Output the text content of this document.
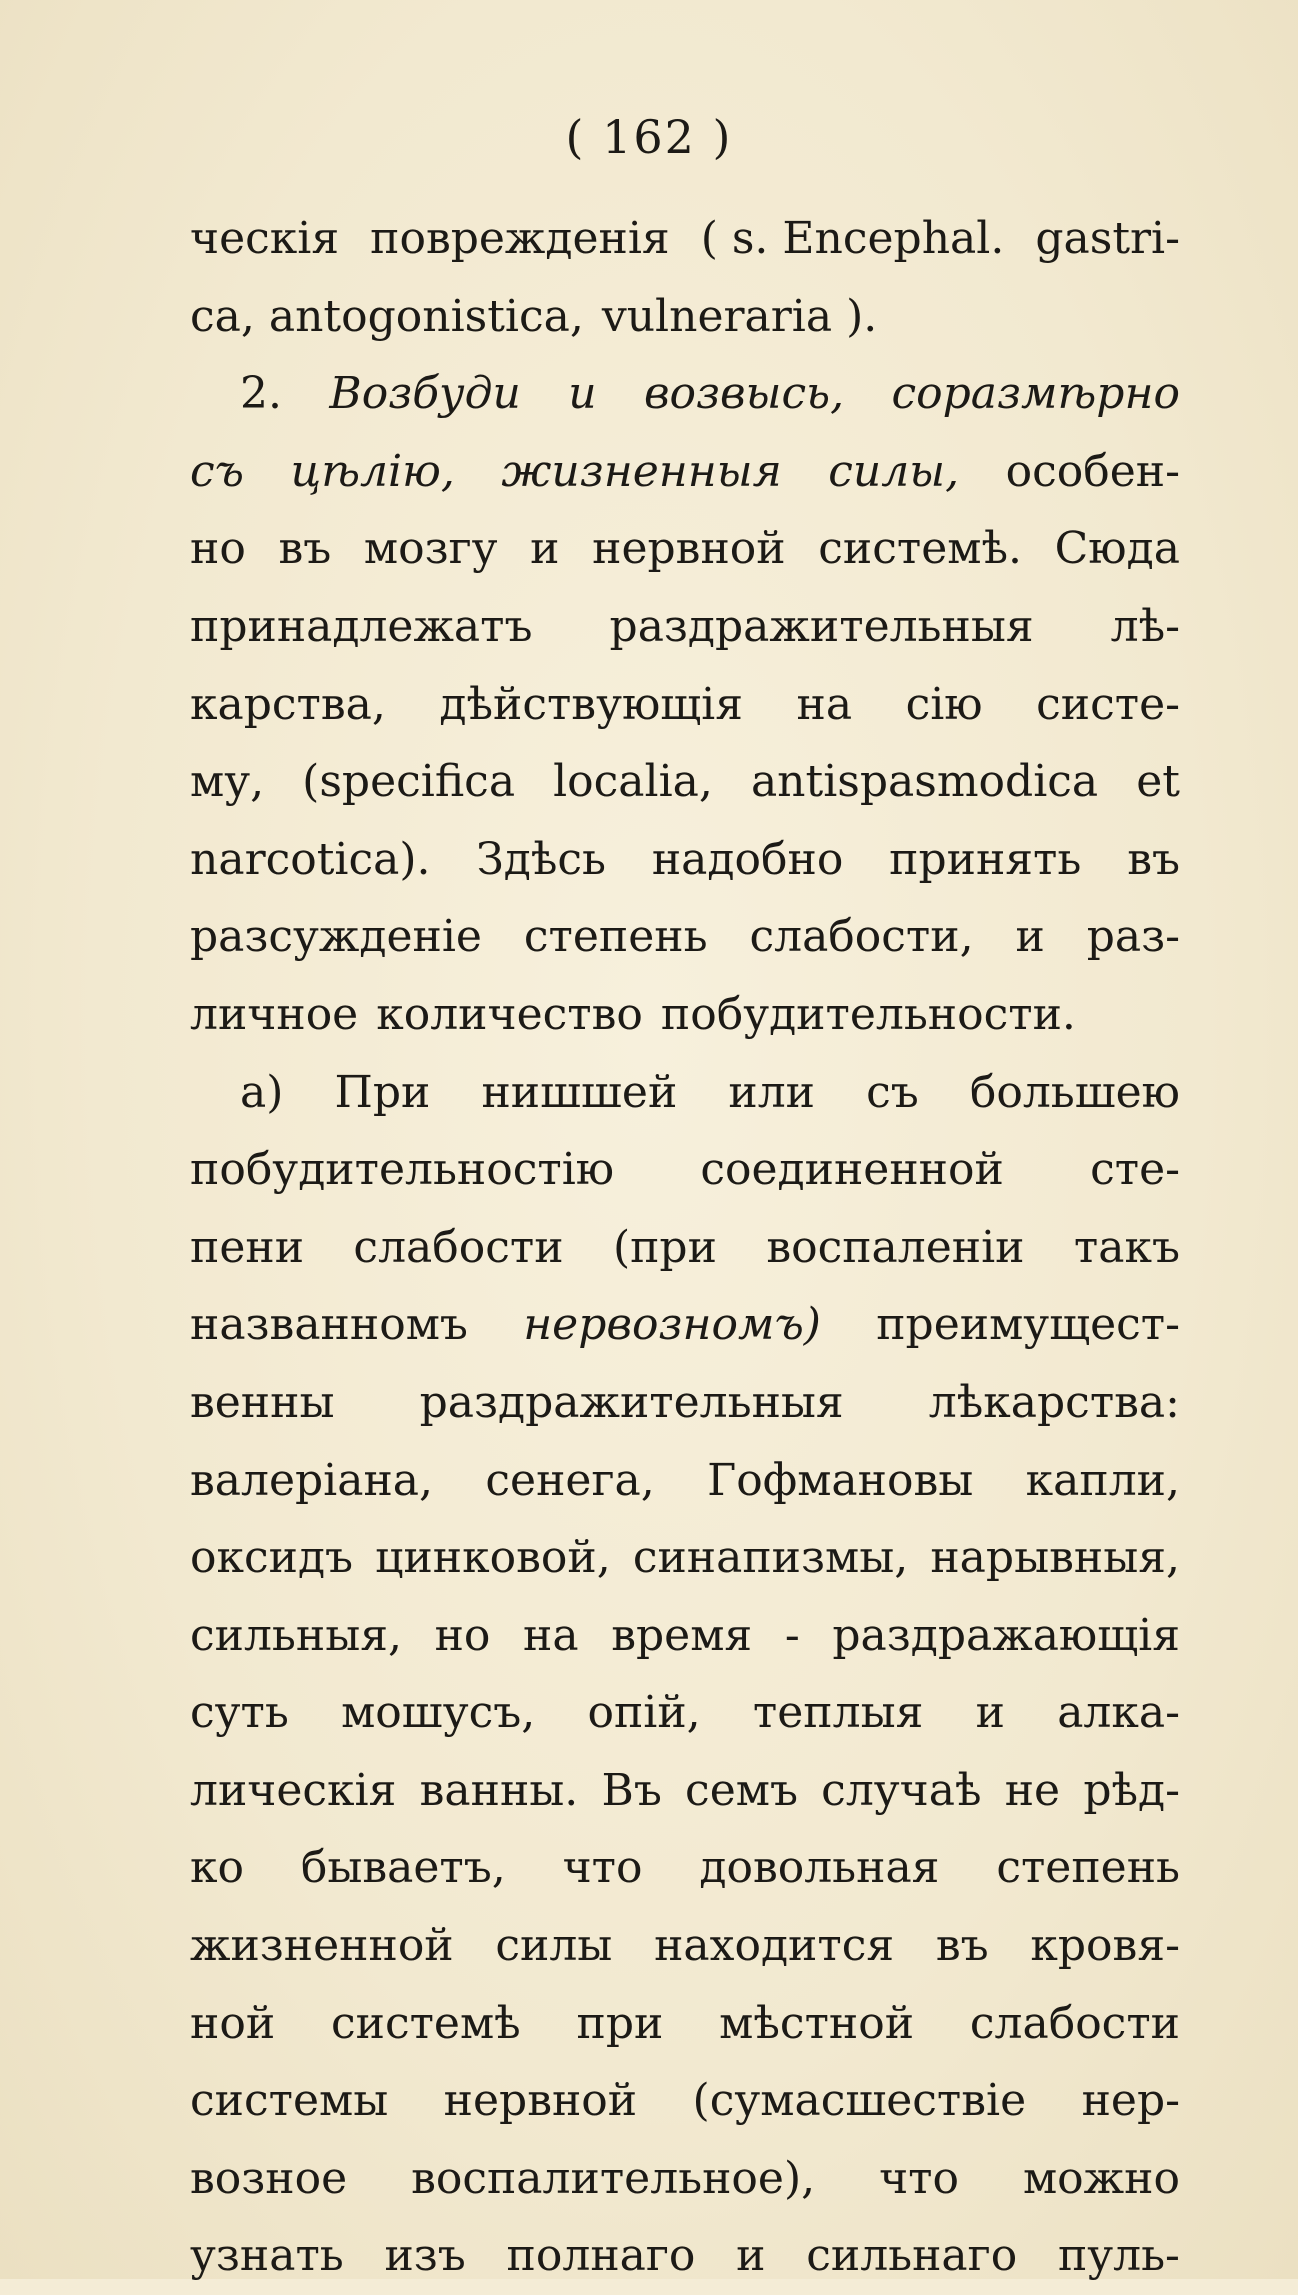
( 162 )
ческія поврежденія ( s. Encephal. gastri-
ca, antogonistica, vulneraria ).
2. Возбуди и возвысь, соразмѣрно
съ цѣлію, жизненныя силы, особен-
но въ мозгу и нервной системѣ. Сюда
принадлежатъ раздражительныя лѣ-
карства, дѣйствующія на сію систе-
му, (specifica localia, antispasmodica et
narcotica). Здѣсь надобно принять въ
разсужденіе степень слабости, и раз-
личное количество побудительности.
а) При нишшей или съ большею
побудительностію соединенной сте-
пени слабости (при воспаленіи такъ
названномъ нервозномъ) преимущест-
венны раздражительныя лѣкарства:
валеріана, сенега, Гофмановы капли,
оксидъ цинковой, синапизмы, нарывныя,
сильныя, но на время - раздражающія
суть мошусъ, опій, теплыя и алка-
лическія ванны. Въ семъ случаѣ не рѣд-
ко бываетъ, что довольная степень
жизненной силы находится въ кровя-
ной системѣ при мѣстной слабости
системы нервной (сумасшествіе нер-
возное воспалительное), что можно
узнать изъ полнаго и сильнаго пуль-
